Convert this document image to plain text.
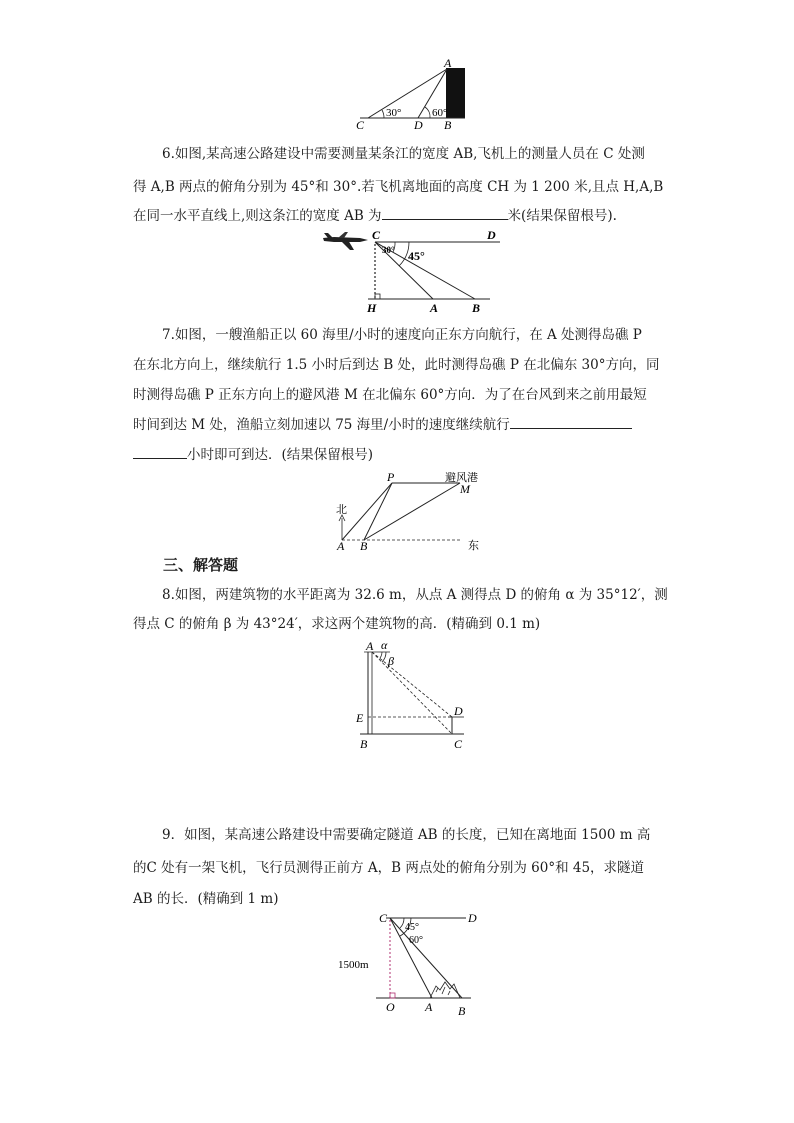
30°	60°
A
C	D B

6.如图,某高速公路建设中需要测量某条江的宽度 AB,飞机上的测量人员在 C 处测

得 A,B 两点的俯角分别为 45°和 30°.若飞机离地面的高度 CH 为 1 200 米,且点 H,A,B

在同一水平直线上,则这条江的宽度 AB 为	米(结果保留根号).

30° 45°
C	D
H	A	B

7.如图，一艘渔船正以 60 海里/小时的速度向正东方向航行，在 A 处测得岛礁 P

在东北方向上，继续航行 1.5 小时后到达 B 处，此时测得岛礁 P 在北偏东 30°方向，同

时测得岛礁 P 正东方向上的避风港 M 在北偏东 60°方向．为了在台风到来之前用最短

时间到达 M 处，渔船立刻加速以 75 海里/小时的速度继续航行

小时即可到达．(结果保留根号)

北
东
避风港
P
M
A B

三、解答题

8.如图，两建筑物的水平距离为 32.6 m，从点 A 测得点 D 的俯角 α 为 35°12′，测

得点 C 的俯角 β 为 43°24′，求这两个建筑物的高．(精确到 0.1 m)

α
β
A
E
B
D
C

9．如图，某高速公路建设中需要确定隧道 AB 的长度，已知在离地面 1500 m 高

的C 处有一架飞机，飞行员测得正前方 A，B 两点处的俯角分别为 60°和 45，求隧道

AB 的长．(精确到 1 m)

45°
60°
1500m
C	D
O	A B
